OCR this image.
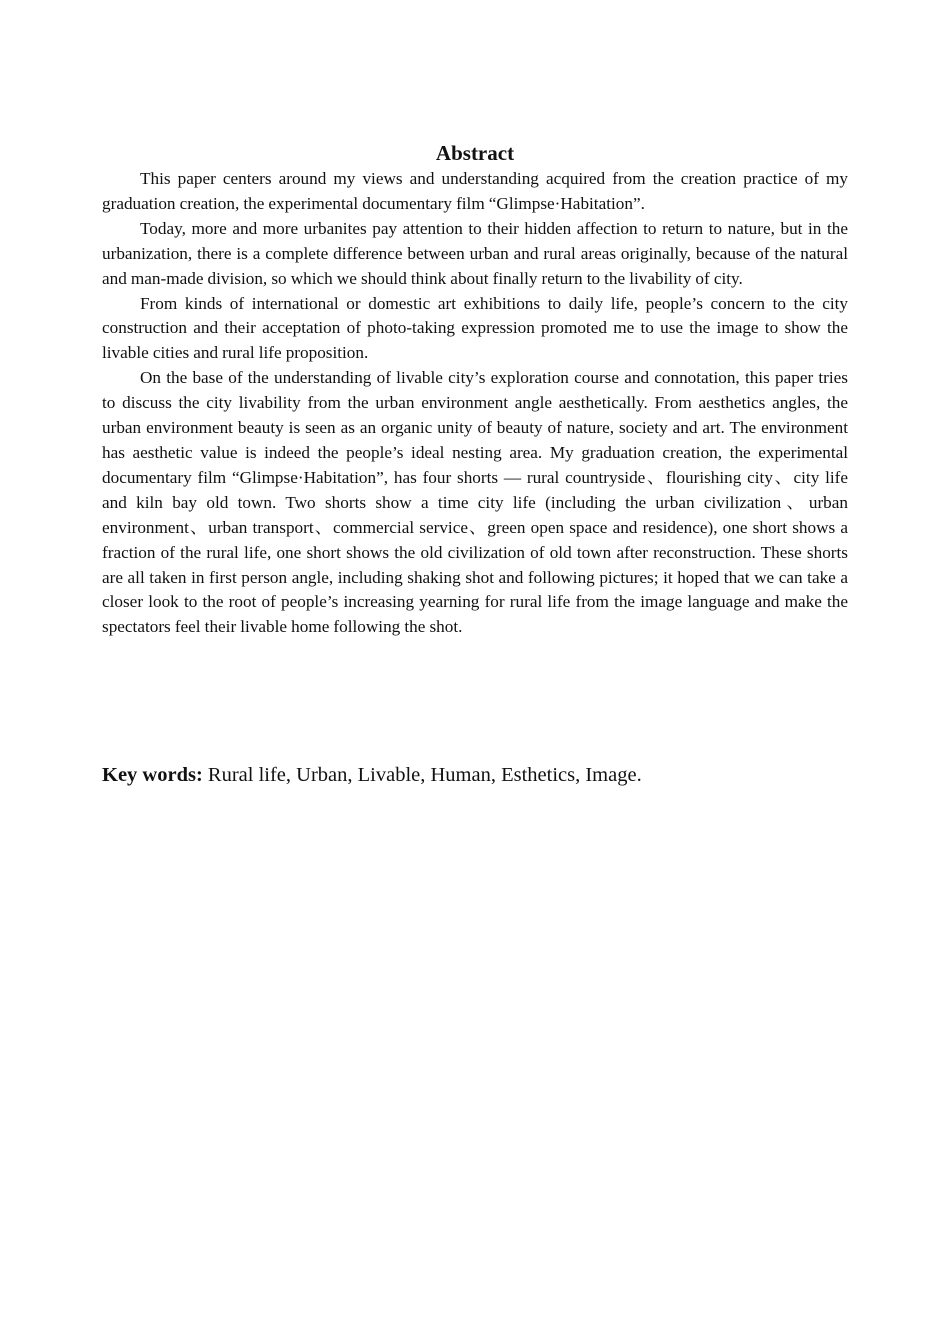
Abstract

This paper centers around my views and understanding acquired from the creation practice of my graduation creation, the experimental documentary film “Glimpse·Habitation”.

Today, more and more urbanites pay attention to their hidden affection to return to nature, but in the urbanization, there is a complete difference between urban and rural areas originally, because of the natural and man-made division, so which we should think about finally return to the livability of city.

From kinds of international or domestic art exhibitions to daily life, people’s concern to the city construction and their acceptation of photo-taking expression promoted me to use the image to show the livable cities and rural life proposition.

On the base of the understanding of livable city’s exploration course and connotation, this paper tries to discuss the city livability from the urban environment angle aesthetically. From aesthetics angles, the urban environment beauty is seen as an organic unity of beauty of nature, society and art. The environment has aesthetic value is indeed the people’s ideal nesting area. My graduation creation, the experimental documentary film “Glimpse·Habitation”, has four shorts — rural countryside、flourishing city、city life and kiln bay old town. Two shorts show a time city life (including the urban civilization、urban environment、urban transport、commercial service、green open space and residence), one short shows a fraction of the rural life, one short shows the old civilization of old town after reconstruction. These shorts are all taken in first person angle, including shaking shot and following pictures; it hoped that we can take a closer look to the root of people’s increasing yearning for rural life from the image language and make the spectators feel their livable home following the shot.

Key words: Rural life, Urban, Livable, Human, Esthetics, Image.
